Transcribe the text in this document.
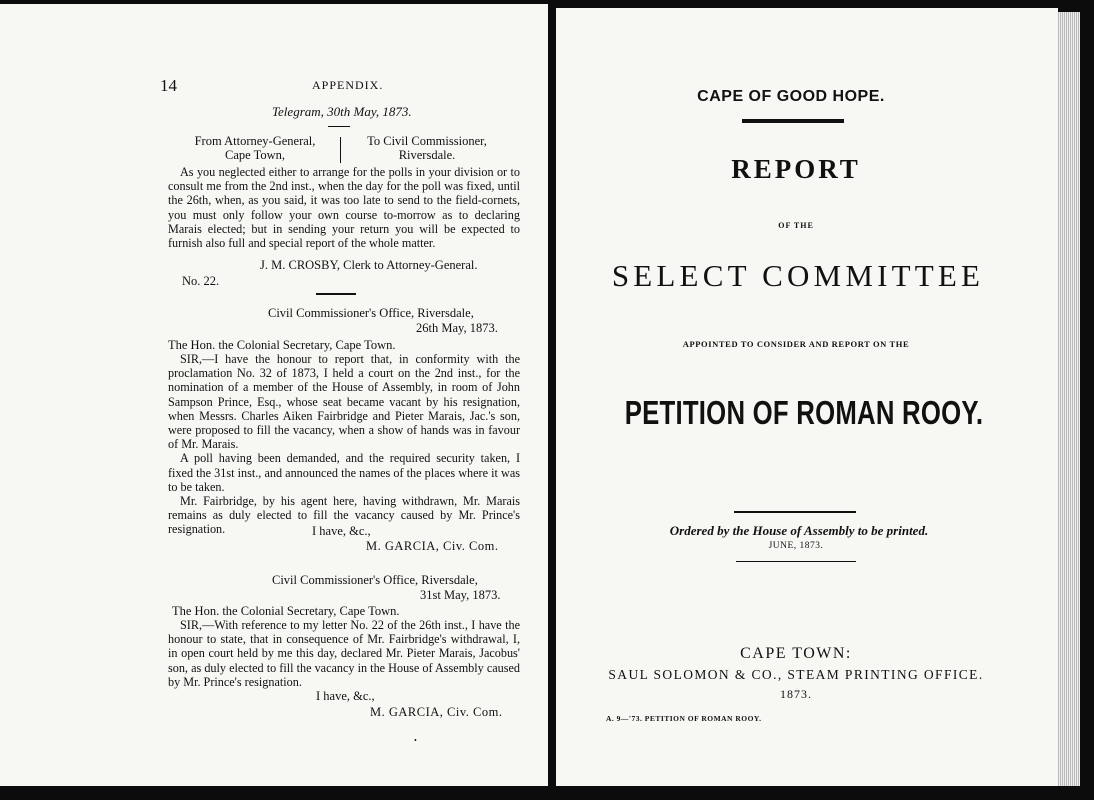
14	APPENDIX.
Telegram, 30th May, 1873.
From Attorney-General,
Cape Town,
To Civil Commissioner,
Riversdale.

As you neglected either to arrange for the polls in your division or to consult me from the 2nd inst., when the day for the poll was fixed, until the 26th, when, as you said, it was too late to send to the field-cornets, you must only follow your own course to-morrow as to declaring Marais elected; but in sending your return you will be expected to furnish also full and special report of the whole matter.

J. M. CROSBY, Clerk to Attorney-General.
No. 22.
Civil Commissioner's Office, Riversdale,
26th May, 1873.
The Hon. the Colonial Secretary, Cape Town.

SIR,—I have the honour to report that, in conformity with the proclamation No. 32 of 1873, I held a court on the 2nd inst., for the nomination of a member of the House of Assembly, in room of John Sampson Prince, Esq., whose seat became vacant by his resignation, when Messrs. Charles Aiken Fairbridge and Pieter Marais, Jac.'s son, were proposed to fill the vacancy, when a show of hands was in favour of Mr. Marais.

A poll having been demanded, and the required security taken, I fixed the 31st inst., and announced the names of the places where it was to be taken.

Mr. Fairbridge, by his agent here, having withdrawn, Mr. Marais remains as duly elected to fill the vacancy caused by Mr. Prince's resignation.	I have, &c.,
M. GARCIA, Civ. Com.
Civil Commissioner's Office, Riversdale,
31st May, 1873.
The Hon. the Colonial Secretary, Cape Town.

SIR,—With reference to my letter No. 22 of the 26th inst., I have the honour to state, that in consequence of Mr. Fairbridge's withdrawal, I, in open court held by me this day, declared Mr. Pieter Marais, Jacobus' son, as duly elected to fill the vacancy in the House of Assembly caused by Mr. Prince's resignation.

I have, &c.,
M. GARCIA, Civ. Com.
•
CAPE OF GOOD HOPE.
REPORT
OF THE
SELECT COMMITTEE
APPOINTED TO CONSIDER AND REPORT ON THE
PETITION OF ROMAN ROOY.
Ordered by the House of Assembly to be printed.
JUNE, 1873.
CAPE TOWN:
SAUL SOLOMON & CO., STEAM PRINTING OFFICE.
1873.
A. 9—'73. PETITION OF ROMAN ROOY.
